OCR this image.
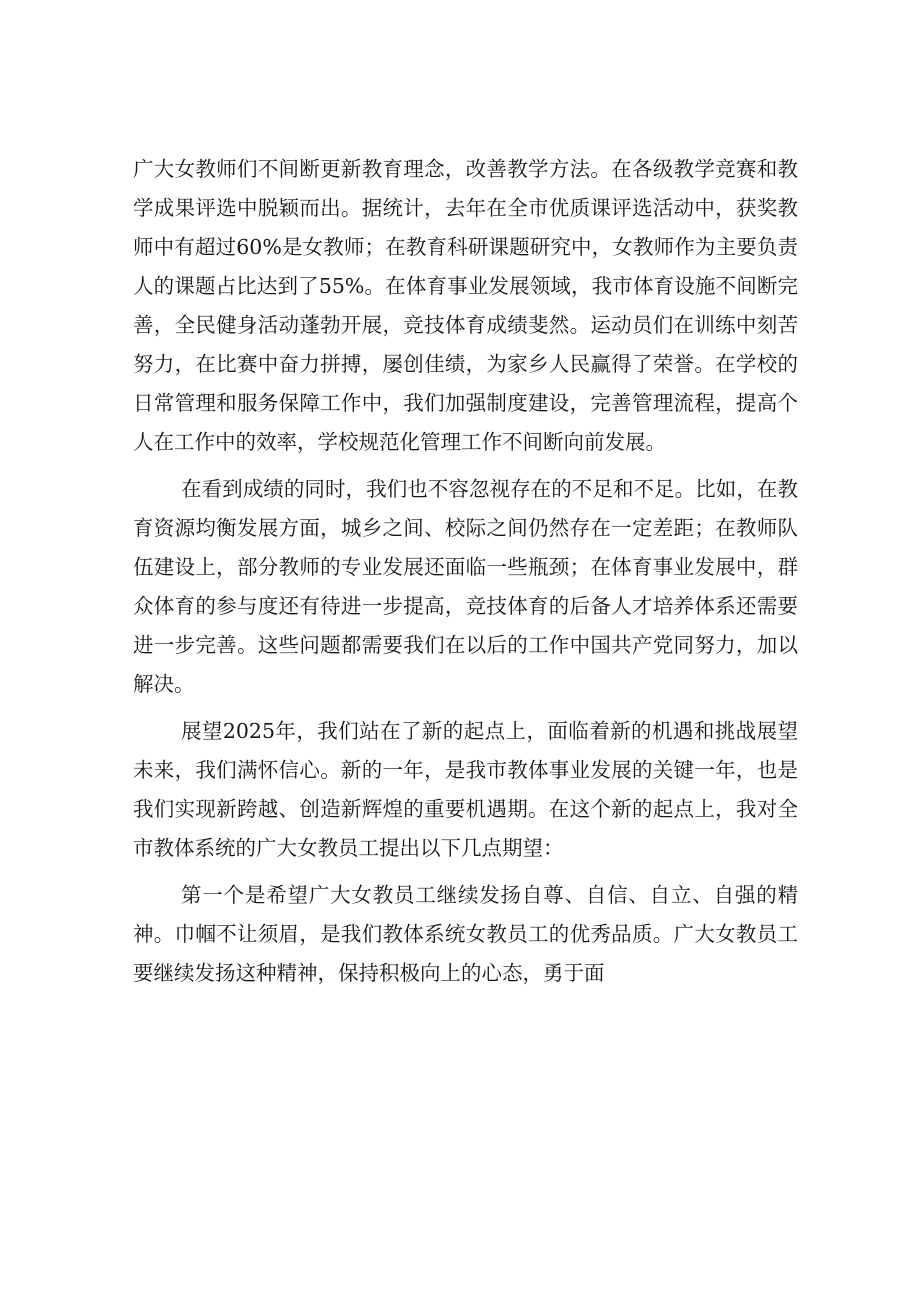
广大女教师们不间断更新教育理念，改善教学方法。在各级教学竞赛和教学成果评选中脱颖而出。据统计，去年在全市优质课评选活动中，获奖教师中有超过60%是女教师；在教育科研课题研究中，女教师作为主要负责人的课题占比达到了55%。在体育事业发展领域，我市体育设施不间断完善，全民健身活动蓬勃开展，竞技体育成绩斐然。运动员们在训练中刻苦努力，在比赛中奋力拼搏，屡创佳绩，为家乡人民赢得了荣誉。在学校的日常管理和服务保障工作中，我们加强制度建设，完善管理流程，提高个人在工作中的效率，学校规范化管理工作不间断向前发展。

在看到成绩的同时，我们也不容忽视存在的不足和不足。比如，在教育资源均衡发展方面，城乡之间、校际之间仍然存在一定差距；在教师队伍建设上，部分教师的专业发展还面临一些瓶颈；在体育事业发展中，群众体育的参与度还有待进一步提高，竞技体育的后备人才培养体系还需要进一步完善。这些问题都需要我们在以后的工作中国共产党同努力，加以解决。

展望2025年，我们站在了新的起点上，面临着新的机遇和挑战展望未来，我们满怀信心。新的一年，是我市教体事业发展的关键一年，也是我们实现新跨越、创造新辉煌的重要机遇期。在这个新的起点上，我对全市教体系统的广大女教员工提出以下几点期望：

第一个是希望广大女教员工继续发扬自尊、自信、自立、自强的精神。巾帼不让须眉，是我们教体系统女教员工的优秀品质。广大女教员工要继续发扬这种精神，保持积极向上的心态，勇于面
